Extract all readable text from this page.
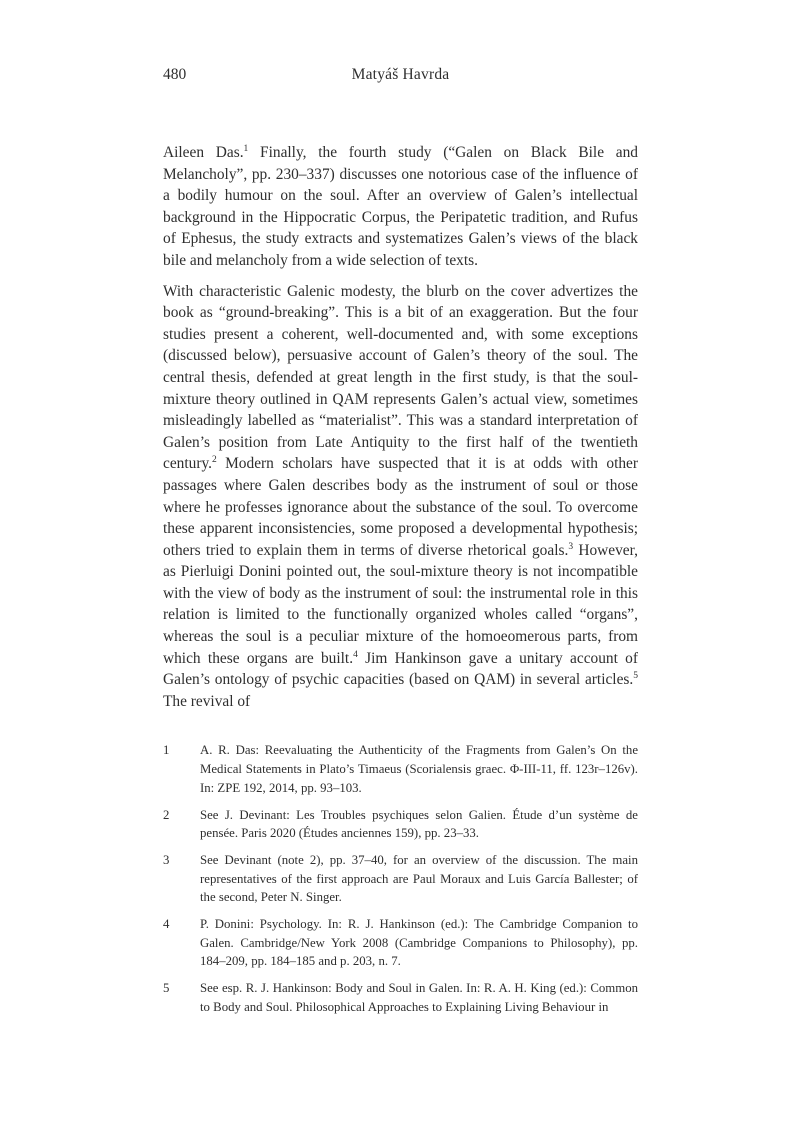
480	Matyáš Havrda

Aileen Das.$^1$ Finally, the fourth study (“Galen on Black Bile and Melancholy”, pp. 230–337) discusses one notorious case of the influence of a bodily humour on the soul. After an overview of Galen’s intellectual background in the Hippocratic Corpus, the Peripatetic tradition, and Rufus of Ephesus, the study extracts and systematizes Galen’s views of the black bile and melancholy from a wide selection of texts.

With characteristic Galenic modesty, the blurb on the cover advertizes the book as “ground-breaking”. This is a bit of an exaggeration. But the four studies present a coherent, well-documented and, with some exceptions (discussed below), persuasive account of Galen’s theory of the soul. The central thesis, defended at great length in the first study, is that the soul-mixture theory outlined in QAM represents Galen’s actual view, sometimes misleadingly labelled as “materialist”. This was a standard interpretation of Galen’s position from Late Antiquity to the first half of the twentieth century.$^2$ Modern scholars have suspected that it is at odds with other passages where Galen describes body as the instrument of soul or those where he professes ignorance about the substance of the soul. To overcome these apparent inconsistencies, some proposed a developmental hypothesis; others tried to explain them in terms of diverse rhetorical goals.$^3$ However, as Pierluigi Donini pointed out, the soul-mixture theory is not incompatible with the view of body as the instrument of soul: the instrumental role in this relation is limited to the functionally organized wholes called “organs”, whereas the soul is a peculiar mixture of the homoeomerous parts, from which these organs are built.$^4$ Jim Hankinson gave a unitary account of Galen’s ontology of psychic capacities (based on QAM) in several articles.$^5$ The revival of

1	A. R. Das: Reevaluating the Authenticity of the Fragments from Galen’s On the Medical Statements in Plato’s Timaeus (Scorialensis graec. Φ-III-11, ff. 123r–126v). In: ZPE 192, 2014, pp. 93–103.
2	See J. Devinant: Les Troubles psychiques selon Galien. Étude d’un système de pensée. Paris 2020 (Études anciennes 159), pp. 23–33.
3	See Devinant (note 2), pp. 37–40, for an overview of the discussion. The main representatives of the first approach are Paul Moraux and Luis García Ballester; of the second, Peter N. Singer.
4	P. Donini: Psychology. In: R. J. Hankinson (ed.): The Cambridge Companion to Galen. Cambridge/New York 2008 (Cambridge Companions to Philosophy), pp. 184–209, pp. 184–185 and p. 203, n. 7.
5	See esp. R. J. Hankinson: Body and Soul in Galen. In: R. A. H. King (ed.): Common to Body and Soul. Philosophical Approaches to Explaining Living Behaviour in
